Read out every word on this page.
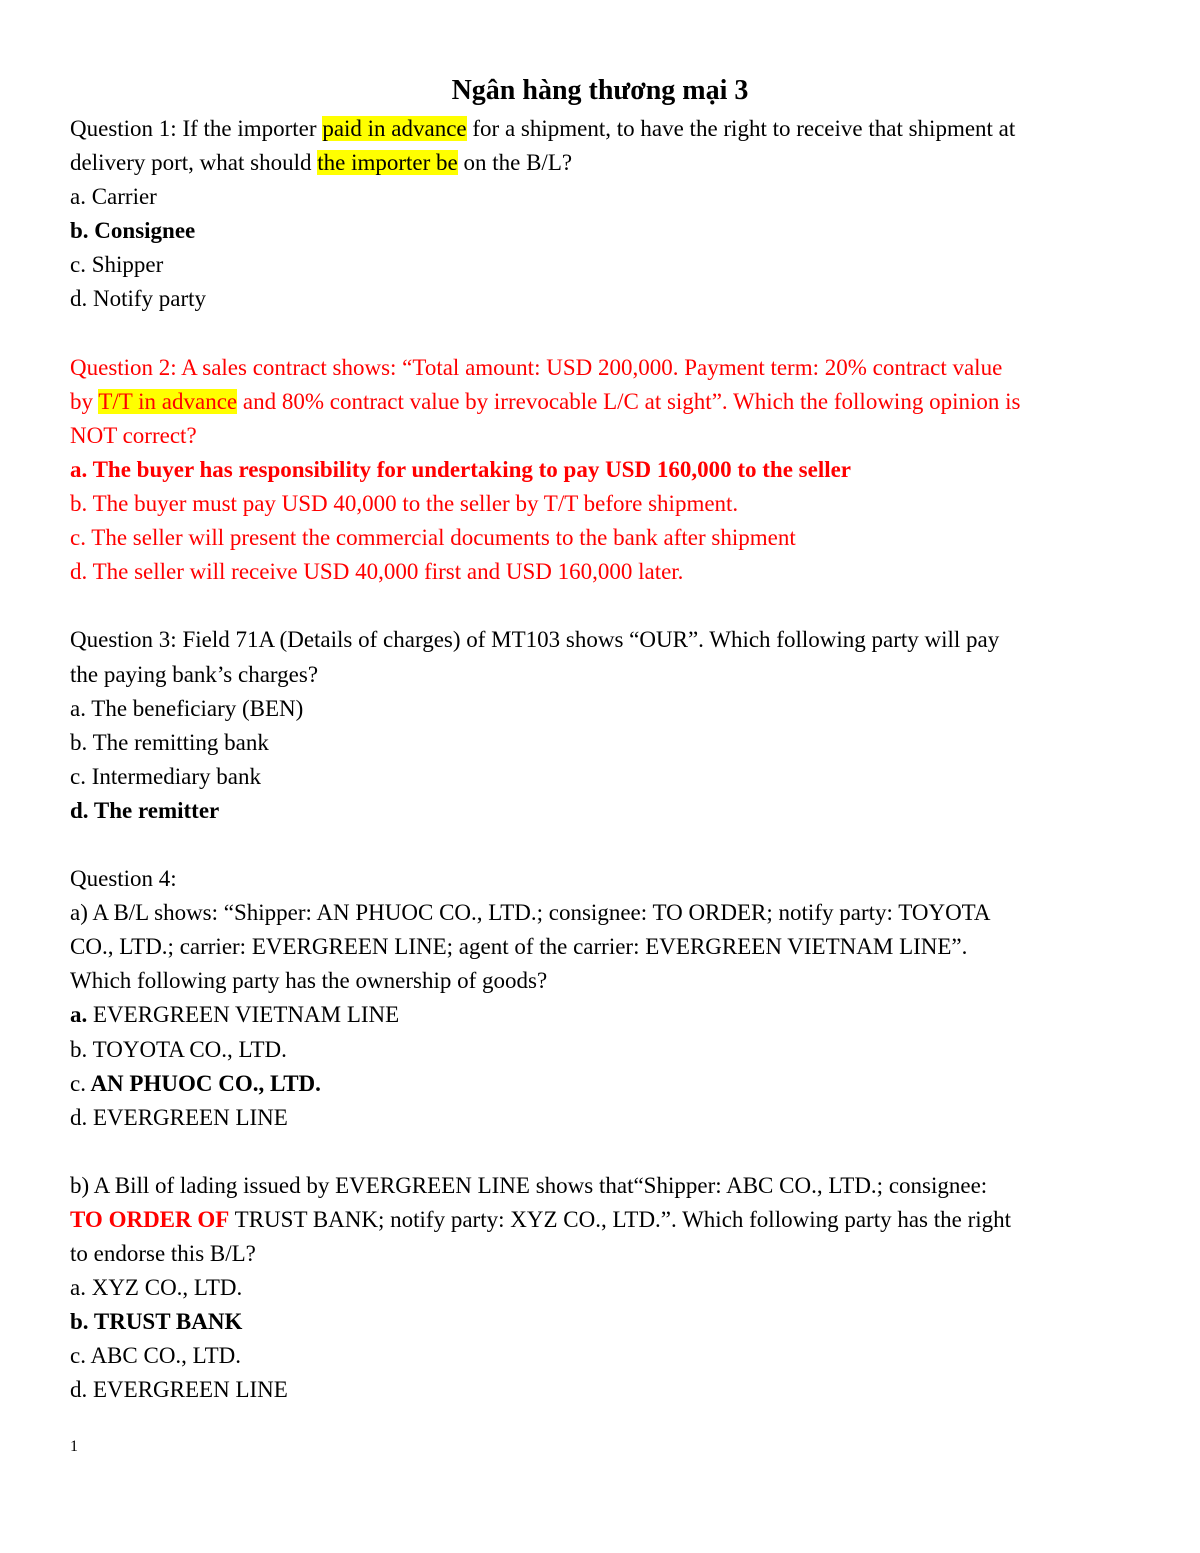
Ngân hàng thương mại 3
Question 1: If the importer paid in advance for a shipment, to have the right to receive that shipment at
delivery port, what should the importer be on the B/L?
a. Carrier
b. Consignee
c. Shipper
d. Notify party
Question 2: A sales contract shows: “Total amount: USD 200,000. Payment term: 20% contract value
by T/T in advance and 80% contract value by irrevocable L/C at sight”. Which the following opinion is
NOT correct?
a. The buyer has responsibility for undertaking to pay USD 160,000 to the seller
b. The buyer must pay USD 40,000 to the seller by T/T before shipment.
c. The seller will present the commercial documents to the bank after shipment
d. The seller will receive USD 40,000 first and USD 160,000 later.
Question 3: Field 71A (Details of charges) of MT103 shows “OUR”. Which following party will pay
the paying bank’s charges?
a. The beneficiary (BEN)
b. The remitting bank
c. Intermediary bank
d. The remitter
Question 4:
a) A B/L shows: “Shipper: AN PHUOC CO., LTD.; consignee: TO ORDER; notify party: TOYOTA
CO., LTD.; carrier: EVERGREEN LINE; agent of the carrier: EVERGREEN VIETNAM LINE”.
Which following party has the ownership of goods?
a. EVERGREEN VIETNAM LINE
b. TOYOTA CO., LTD.
c. AN PHUOC CO., LTD.
d. EVERGREEN LINE
b) A Bill of lading issued by EVERGREEN LINE shows that“Shipper: ABC CO., LTD.; consignee:
TO ORDER OF TRUST BANK; notify party: XYZ CO., LTD.”. Which following party has the right
to endorse this B/L?
a. XYZ CO., LTD.
b. TRUST BANK
c. ABC CO., LTD.
d. EVERGREEN LINE
1
